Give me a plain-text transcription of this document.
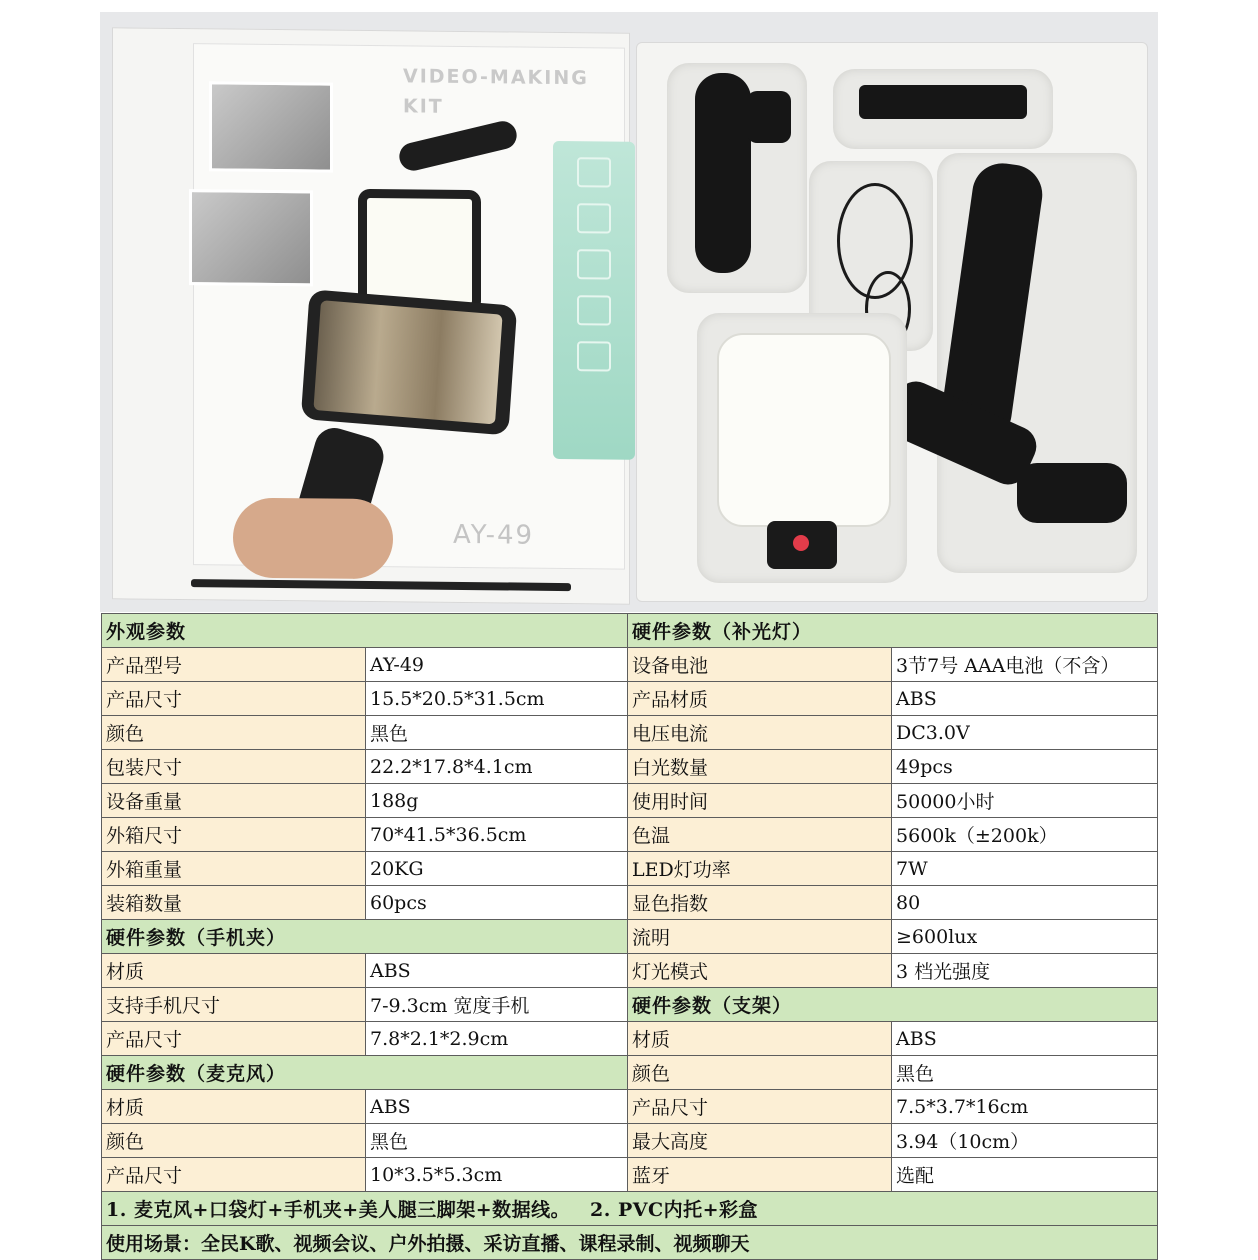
VIDEO-MAKING
KIT
AY-49
外观参数		硬件参数（补光灯）	
产品型号	AY-49	设备电池	3节7号 AAA电池（不含）
产品尺寸	15.5*20.5*31.5cm	产品材质	ABS
颜色	黑色	电压电流	DC3.0V
包装尺寸	22.2*17.8*4.1cm	白光数量	49pcs
设备重量	188g	使用时间	50000小时
外箱尺寸	70*41.5*36.5cm	色温	5600k（±200k）
外箱重量	20KG	LED灯功率	7W
装箱数量	60pcs	显色指数	80
硬件参数（手机夹）		流明	≥600lux
材质	ABS	灯光模式	3 档光强度
支持手机尺寸	7-9.3cm 宽度手机	硬件参数（支架）	
产品尺寸	7.8*2.1*2.9cm	材质	ABS
硬件参数（麦克风）		颜色	黑色
材质	ABS	产品尺寸	7.5*3.7*16cm
颜色	黑色	最大高度	3.94（10cm）
产品尺寸	10*3.5*5.3cm	蓝牙	选配
1. 麦克风+口袋灯+手机夹+美人腿三脚架+数据线。 2. PVC内托+彩盒			
使用场景：全民K歌、视频会议、户外拍摄、采访直播、课程录制、视频聊天			
